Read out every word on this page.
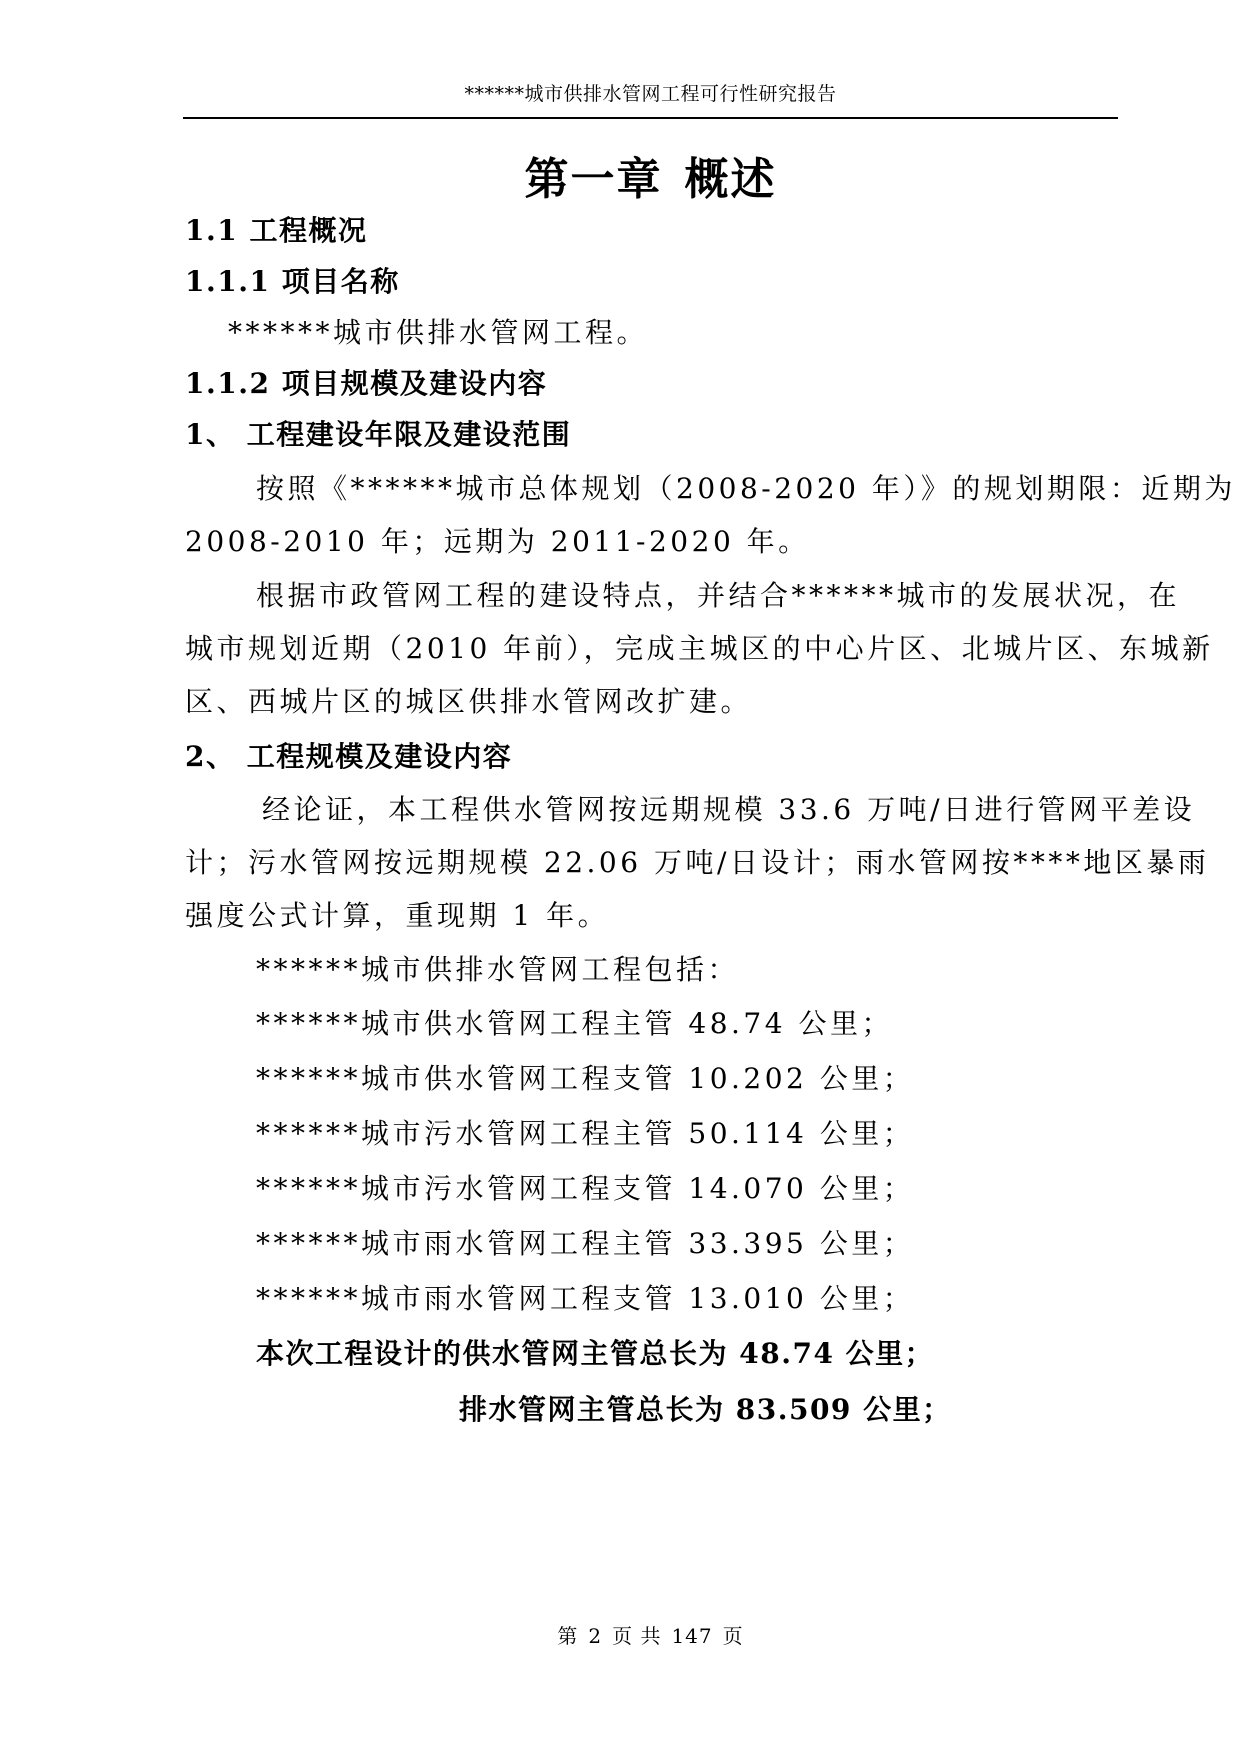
******城市供排水管网工程可行性研究报告
第一章 概述
1.1 工程概况
1.1.1 项目名称
******城市供排水管网工程。
1.1.2 项目规模及建设内容
1、 工程建设年限及建设范围
按照《******城市总体规划（2008-2020 年）》的规划期限：近期为
2008-2010 年；远期为 2011-2020 年。
根据市政管网工程的建设特点，并结合******城市的发展状况，在
城市规划近期（2010 年前），完成主城区的中心片区、北城片区、东城新
区、西城片区的城区供排水管网改扩建。
2、 工程规模及建设内容
经论证，本工程供水管网按远期规模 33.6 万吨/日进行管网平差设
计；污水管网按远期规模 22.06 万吨/日设计；雨水管网按****地区暴雨
强度公式计算，重现期 1 年。
******城市供排水管网工程包括：
******城市供水管网工程主管 48.74 公里；
******城市供水管网工程支管 10.202 公里；
******城市污水管网工程主管 50.114 公里；
******城市污水管网工程支管 14.070 公里；
******城市雨水管网工程主管 33.395 公里；
******城市雨水管网工程支管 13.010 公里；
本次工程设计的供水管网主管总长为 48.74 公里；
排水管网主管总长为 83.509 公里；
第 2 页 共 147 页
